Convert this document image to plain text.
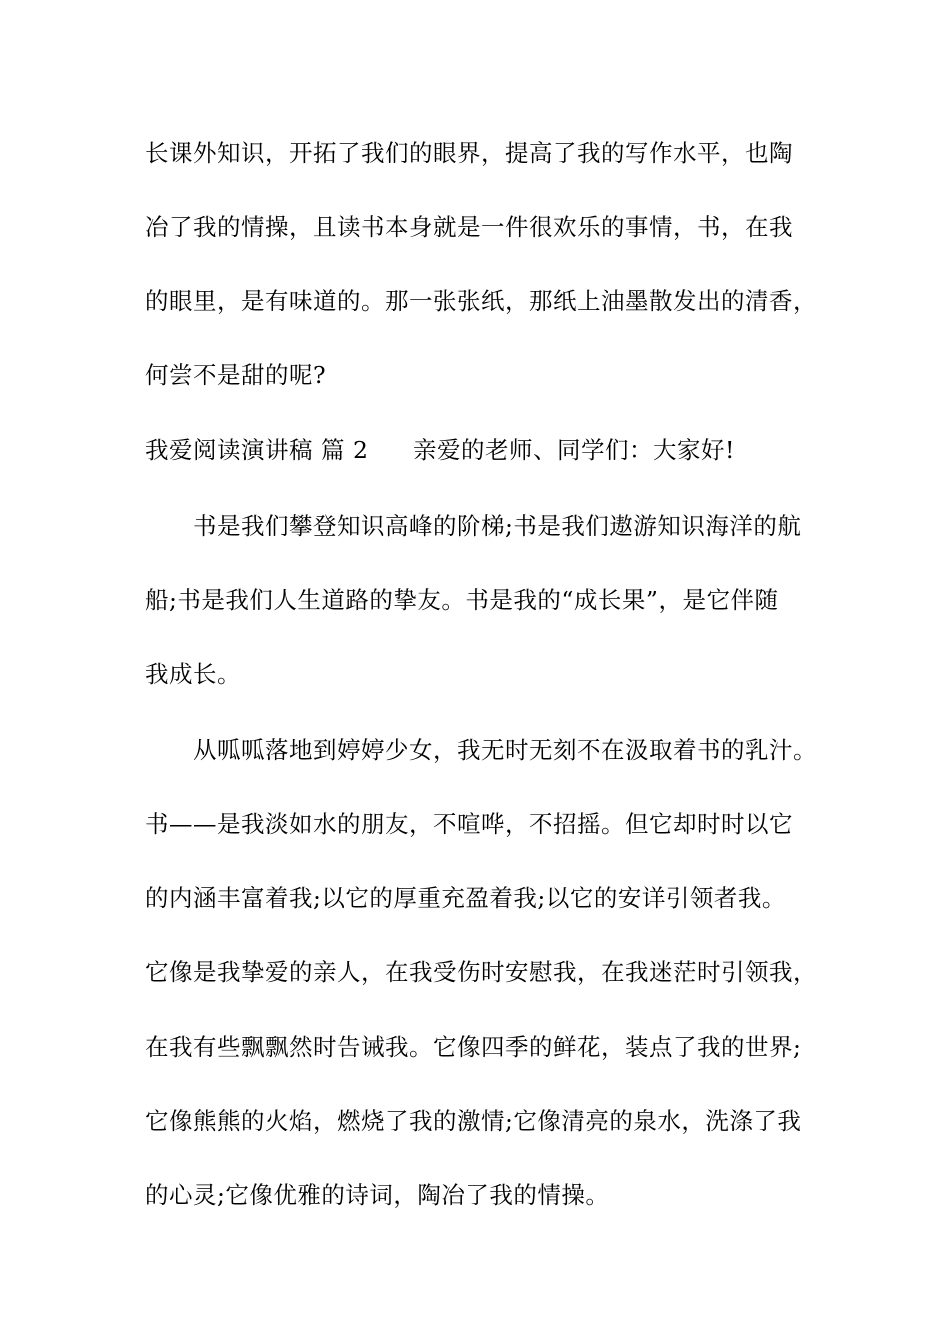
长课外知识，开拓了我们的眼界，提高了我的写作水平，也陶
冶了我的情操，且读书本身就是一件很欢乐的事情，书，在我
的眼里，是有味道的。那一张张纸，那纸上油墨散发出的清香，
何尝不是甜的呢?
我爱阅读演讲稿 篇 2 亲爱的老师、同学们：大家好!
书是我们攀登知识高峰的阶梯;书是我们遨游知识海洋的航
船;书是我们人生道路的挚友。书是我的“成长果”，是它伴随
我成长。
从呱呱落地到婷婷少女，我无时无刻不在汲取着书的乳汁。
书——是我淡如水的朋友，不喧哗，不招摇。但它却时时以它
的内涵丰富着我;以它的厚重充盈着我;以它的安详引领者我。
它像是我挚爱的亲人，在我受伤时安慰我，在我迷茫时引领我，
在我有些飘飘然时告诫我。它像四季的鲜花，装点了我的世界;
它像熊熊的火焰，燃烧了我的激情;它像清亮的泉水，洗涤了我
的心灵;它像优雅的诗词，陶冶了我的情操。
